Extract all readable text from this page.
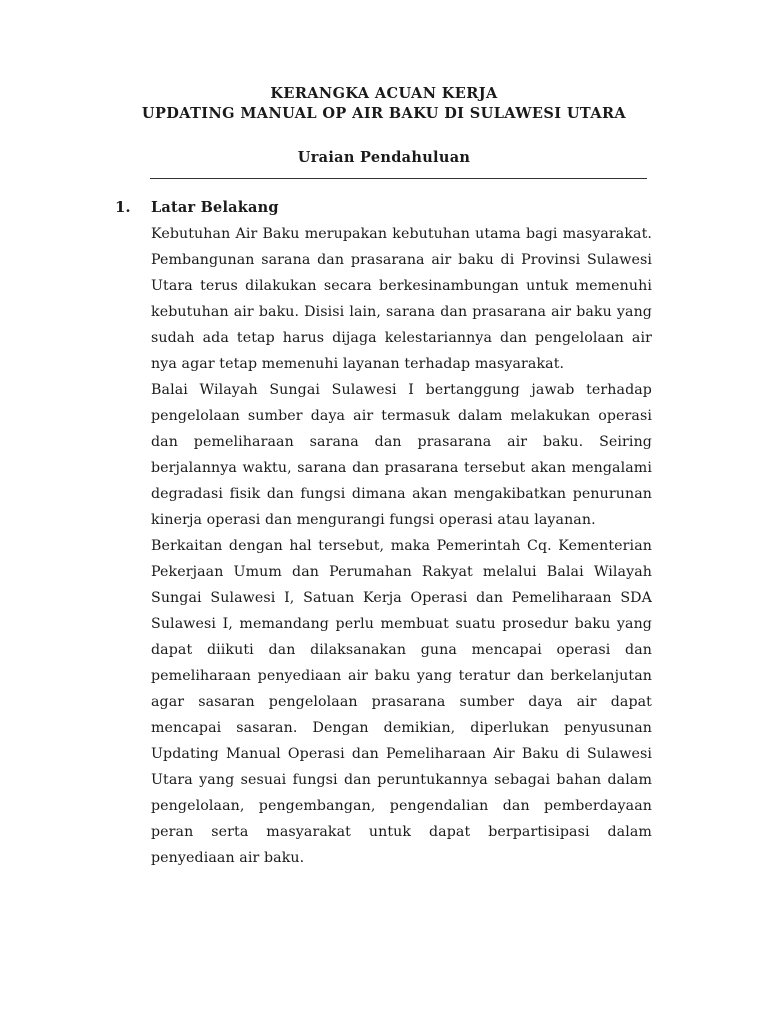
KERANGKA ACUAN KERJA
UPDATING MANUAL OP AIR BAKU DI SULAWESI UTARA
Uraian Pendahuluan
1. Latar Belakang

Kebutuhan Air Baku merupakan kebutuhan utama bagi masyarakat. Pembangunan sarana dan prasarana air baku di Provinsi Sulawesi Utara terus dilakukan secara berkesinambungan untuk memenuhi kebutuhan air baku. Disisi lain, sarana dan prasarana air baku yang sudah ada tetap harus dijaga kelestariannya dan pengelolaan air nya agar tetap memenuhi layanan terhadap masyarakat.

Balai Wilayah Sungai Sulawesi I bertanggung jawab terhadap pengelolaan sumber daya air termasuk dalam melakukan operasi dan pemeliharaan sarana dan prasarana air baku. Seiring berjalannya waktu, sarana dan prasarana tersebut akan mengalami degradasi fisik dan fungsi dimana akan mengakibatkan penurunan kinerja operasi dan mengurangi fungsi operasi atau layanan.

Berkaitan dengan hal tersebut, maka Pemerintah Cq. Kementerian Pekerjaan Umum dan Perumahan Rakyat melalui Balai Wilayah Sungai Sulawesi I, Satuan Kerja Operasi dan Pemeliharaan SDA Sulawesi I, memandang perlu membuat suatu prosedur baku yang dapat diikuti dan dilaksanakan guna mencapai operasi dan pemeliharaan penyediaan air baku yang teratur dan berkelanjutan agar sasaran pengelolaan prasarana sumber daya air dapat mencapai sasaran. Dengan demikian, diperlukan penyusunan Updating Manual Operasi dan Pemeliharaan Air Baku di Sulawesi Utara yang sesuai fungsi dan peruntukannya sebagai bahan dalam pengelolaan, pengembangan, pengendalian dan pemberdayaan peran serta masyarakat untuk dapat berpartisipasi dalam penyediaan air baku.
